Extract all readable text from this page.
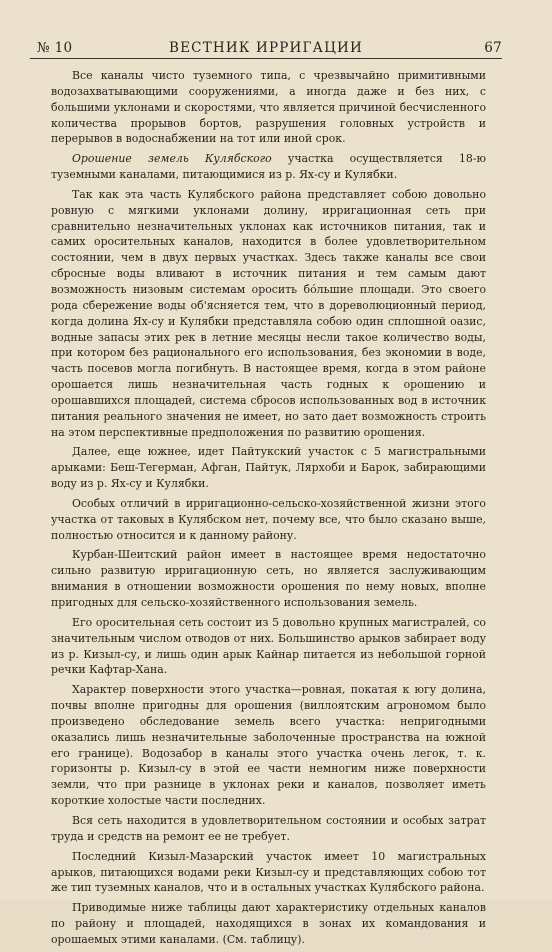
№ 10	ВЕСТНИК ИРРИГАЦИИ	67

Все каналы чисто туземного типа, с чрезвычайно примитивными водозахватывающими сооружениями, а иногда даже и без них, с большими уклонами и скоростями, что является причиной бесчисленного количества прорывов бортов, разрушения головных устройств и перерывов в водоснабжении на тот или иной срок.

Орошение земель Кулябского участка осуществляется 18-ю туземными каналами, питающимися из р. Ях-су и Кулябки.

Так как эта часть Кулябского района представляет собою довольно ровную с мягкими уклонами долину, ирригационная сеть при сравнительно незначительных уклонах как источников питания, так и самих оросительных каналов, находится в более удовлетворительном состоянии, чем в двух первых участках. Здесь также каналы все свои сбросные воды вливают в источник питания и тем самым дают возможность низовым системам оросить бо́льшие площади. Это своего рода сбережение воды об'ясняется тем, что в дореволюционный период, когда долина Ях-су и Кулябки представляла собою один сплошной оазис, водные запасы этих рек в летние месяцы несли такое количество воды, при котором без рационального его использования, без экономии в воде, часть посевов могла погибнуть. В настоящее время, когда в этом районе орошается лишь незначительная часть годных к орошению и орошавшихся площадей, система сбросов использованных вод в источник питания реального значения не имеет, но зато дает возможность строить на этом перспективные предположения по развитию орошения.

Далее, еще южнее, идет Пайтукский участок с 5 магистральными арыками: Беш-Тегерман, Афган, Пайтук, Ляpхоби и Барок, забирающими воду из р. Ях-су и Кулябки.

Особых отличий в ирригационно-сельско-хозяйственной жизни этого участка от таковых в Кулябском нет, почему все, что было сказано выше, полностью относится и к данному району.

Курбан-Шеитский район имеет в настоящее время недостаточно сильно развитую ирригационную сеть, но является заслуживающим внимания в отношении возможности орошения по нему новых, вполне пригодных для сельско-хозяйственного использования земель.

Его оросительная сеть состоит из 5 довольно крупных магистралей, со значительным числом отводов от них. Большинство арыков забирает воду из р. Кизыл-су, и лишь один арык Кайнар питается из небольшой горной речки Кафтар-Хана.

Характер поверхности этого участка—ровная, покатая к югу долина, почвы вполне пригодны для орошения (виллоятским агрономом было произведено обследование земель всего участка: непригодными оказались лишь незначительные заболоченные пространства на южной его границе). Водозабор в каналы этого участка очень легок, т. к. горизонты р. Кизыл-су в этой ее части немногим ниже поверхности земли, что при разнице в уклонах реки и каналов, позволяет иметь короткие холостые части последних.

Вся сеть находится в удовлетворительном состоянии и особых затрат труда и средств на ремонт ее не требует.

Последний Кизыл-Мазарский участок имеет 10 магистральных арыков, питающихся водами реки Кизыл-су и представляющих собою тот же тип туземных каналов, что и в остальных участках Кулябского района.

Приводимые ниже таблицы дают характеристику отдельных каналов по району и площадей, находящихся в зонах их командования и орошаемых этими каналами. (См. таблицу).
